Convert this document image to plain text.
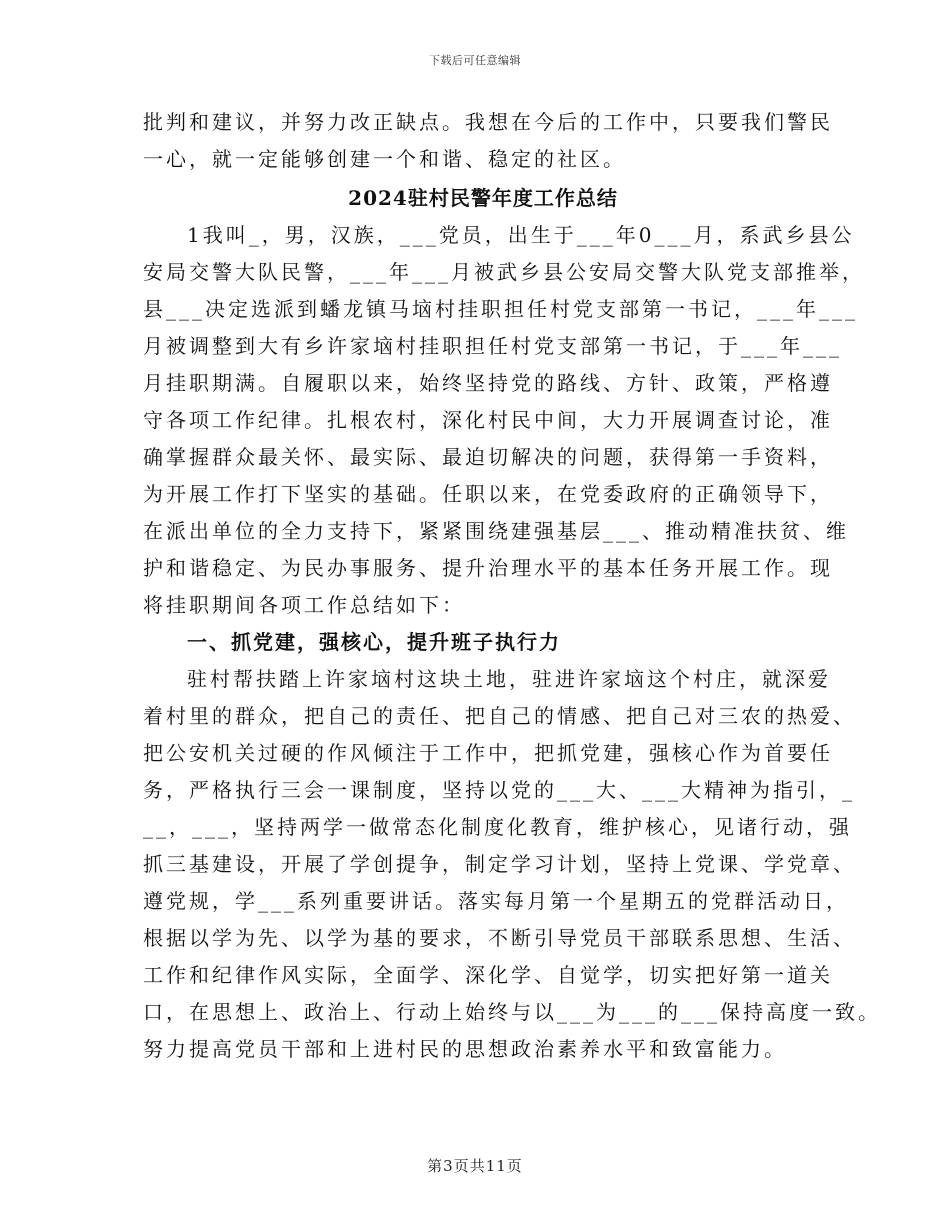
下载后可任意编辑
批判和建议，并努力改正缺点。我想在今后的工作中，只要我们警民
一心，就一定能够创建一个和谐、稳定的社区。
2024驻村民警年度工作总结
1我叫_，男，汉族，___党员，出生于___年0___月，系武乡县公
安局交警大队民警，___年___月被武乡县公安局交警大队党支部推举，
县___决定选派到蟠龙镇马垴村挂职担任村党支部第一书记，___年___
月被调整到大有乡许家垴村挂职担任村党支部第一书记，于___年___
月挂职期满。自履职以来，始终坚持党的路线、方针、政策，严格遵
守各项工作纪律。扎根农村，深化村民中间，大力开展调查讨论，准
确掌握群众最关怀、最实际、最迫切解决的问题，获得第一手资料，
为开展工作打下坚实的基础。任职以来，在党委政府的正确领导下，
在派出单位的全力支持下，紧紧围绕建强基层___、推动精准扶贫、维
护和谐稳定、为民办事服务、提升治理水平的基本任务开展工作。现
将挂职期间各项工作总结如下：
一、抓党建，强核心，提升班子执行力
驻村帮扶踏上许家垴村这块土地，驻进许家垴这个村庄，就深爱
着村里的群众，把自己的责任、把自己的情感、把自己对三农的热爱、
把公安机关过硬的作风倾注于工作中，把抓党建，强核心作为首要任
务，严格执行三会一课制度，坚持以党的___大、___大精神为指引，_
__，___，坚持两学一做常态化制度化教育，维护核心，见诸行动，强
抓三基建设，开展了学创提争，制定学习计划，坚持上党课、学党章、
遵党规，学___系列重要讲话。落实每月第一个星期五的党群活动日，
根据以学为先、以学为基的要求，不断引导党员干部联系思想、生活、
工作和纪律作风实际，全面学、深化学、自觉学，切实把好第一道关
口，在思想上、政治上、行动上始终与以___为___的___保持高度一致。
努力提高党员干部和上进村民的思想政治素养水平和致富能力。
第3页共11页
